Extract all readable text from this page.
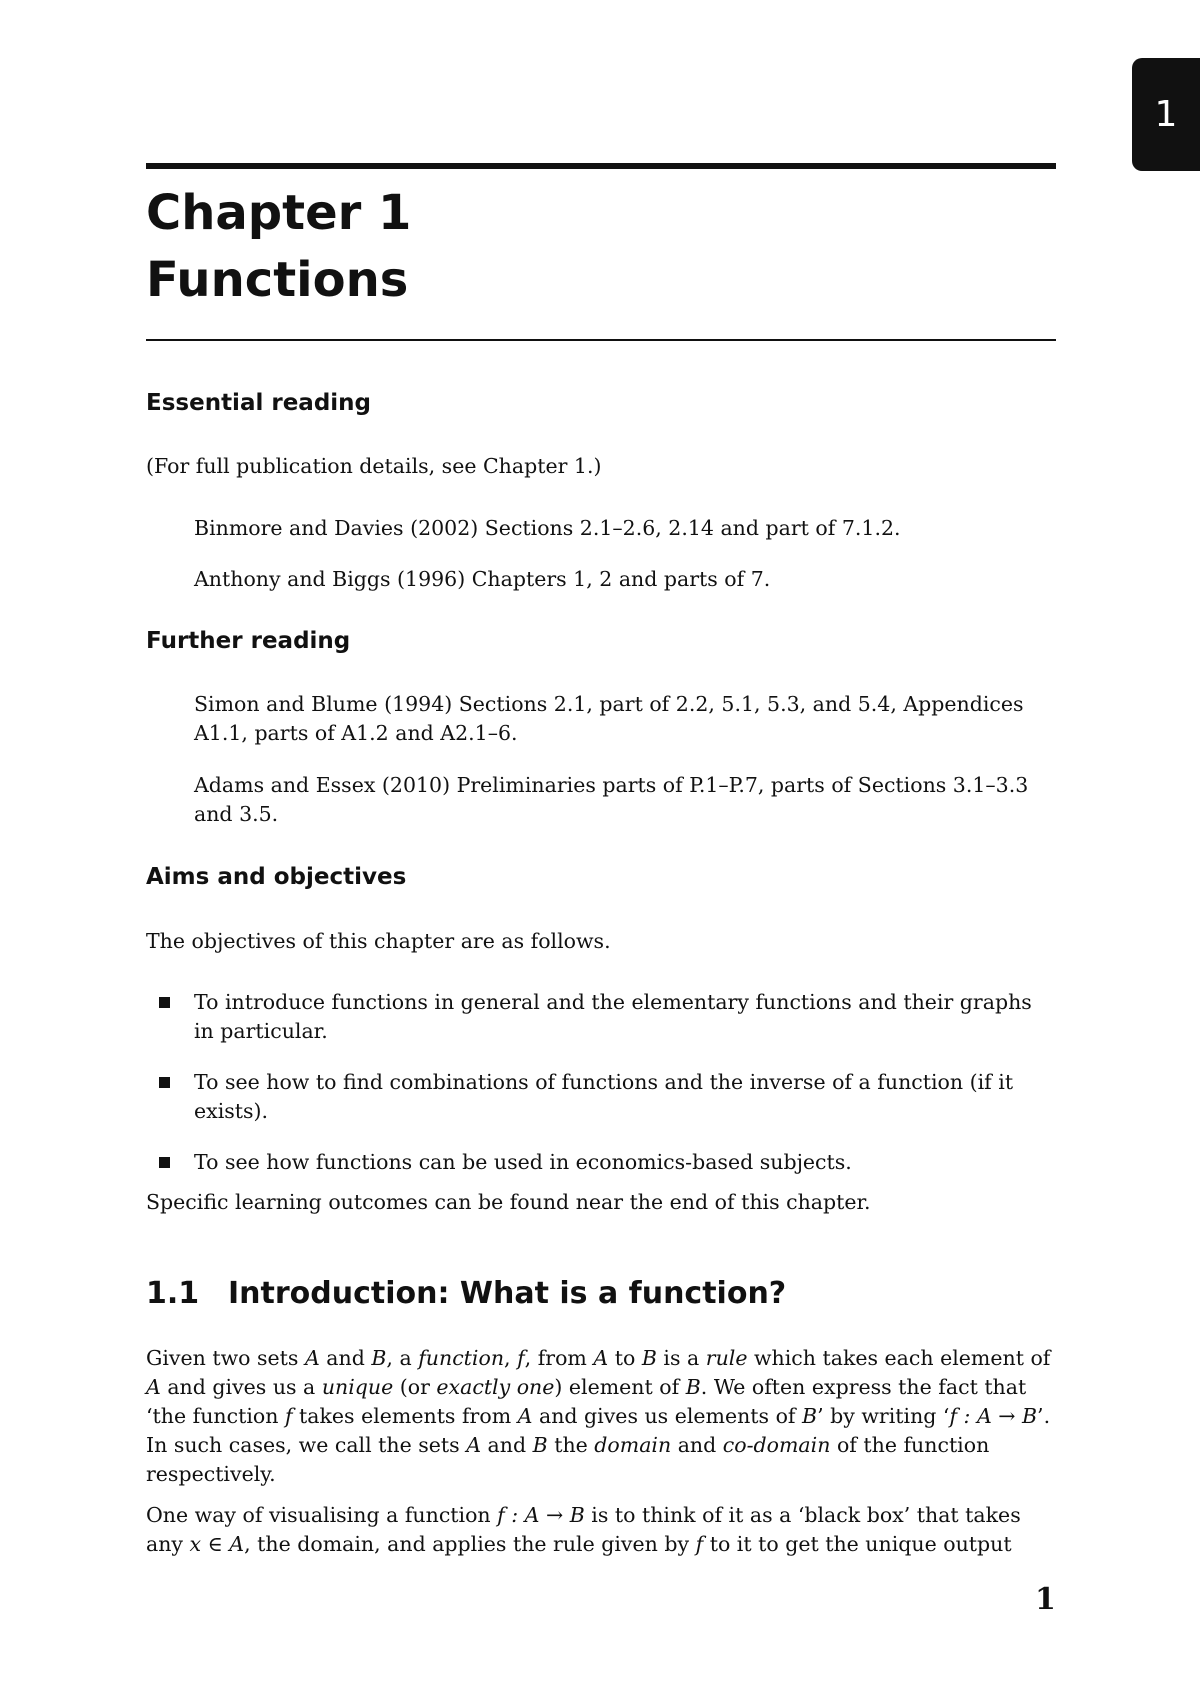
1
Chapter 1
Functions
Essential reading

(For full publication details, see Chapter 1.)

Binmore and Davies (2002) Sections 2.1–2.6, 2.14 and part of 7.1.2.

Anthony and Biggs (1996) Chapters 1, 2 and parts of 7.

Further reading

Simon and Blume (1994) Sections 2.1, part of 2.2, 5.1, 5.3, and 5.4, Appendices A1.1, parts of A1.2 and A2.1–6.

Adams and Essex (2010) Preliminaries parts of P.1–P.7, parts of Sections 3.1–3.3 and 3.5.

Aims and objectives

The objectives of this chapter are as follows.

To introduce functions in general and the elementary functions and their graphs in particular.
To see how to find combinations of functions and the inverse of a function (if it exists).
To see how functions can be used in economics-based subjects.

Specific learning outcomes can be found near the end of this chapter.

1.1 Introduction: What is a function?

Given two sets A and B, a function, f, from A to B is a rule which takes each element of A and gives us a unique (or exactly one) element of B. We often express the fact that ‘the function f takes elements from A and gives us elements of B’ by writing ‘f : A → B’. In such cases, we call the sets A and B the domain and co-domain of the function respectively.

One way of visualising a function f : A → B is to think of it as a ‘black box’ that takes any x ∈ A, the domain, and applies the rule given by f to it to get the unique output

1
